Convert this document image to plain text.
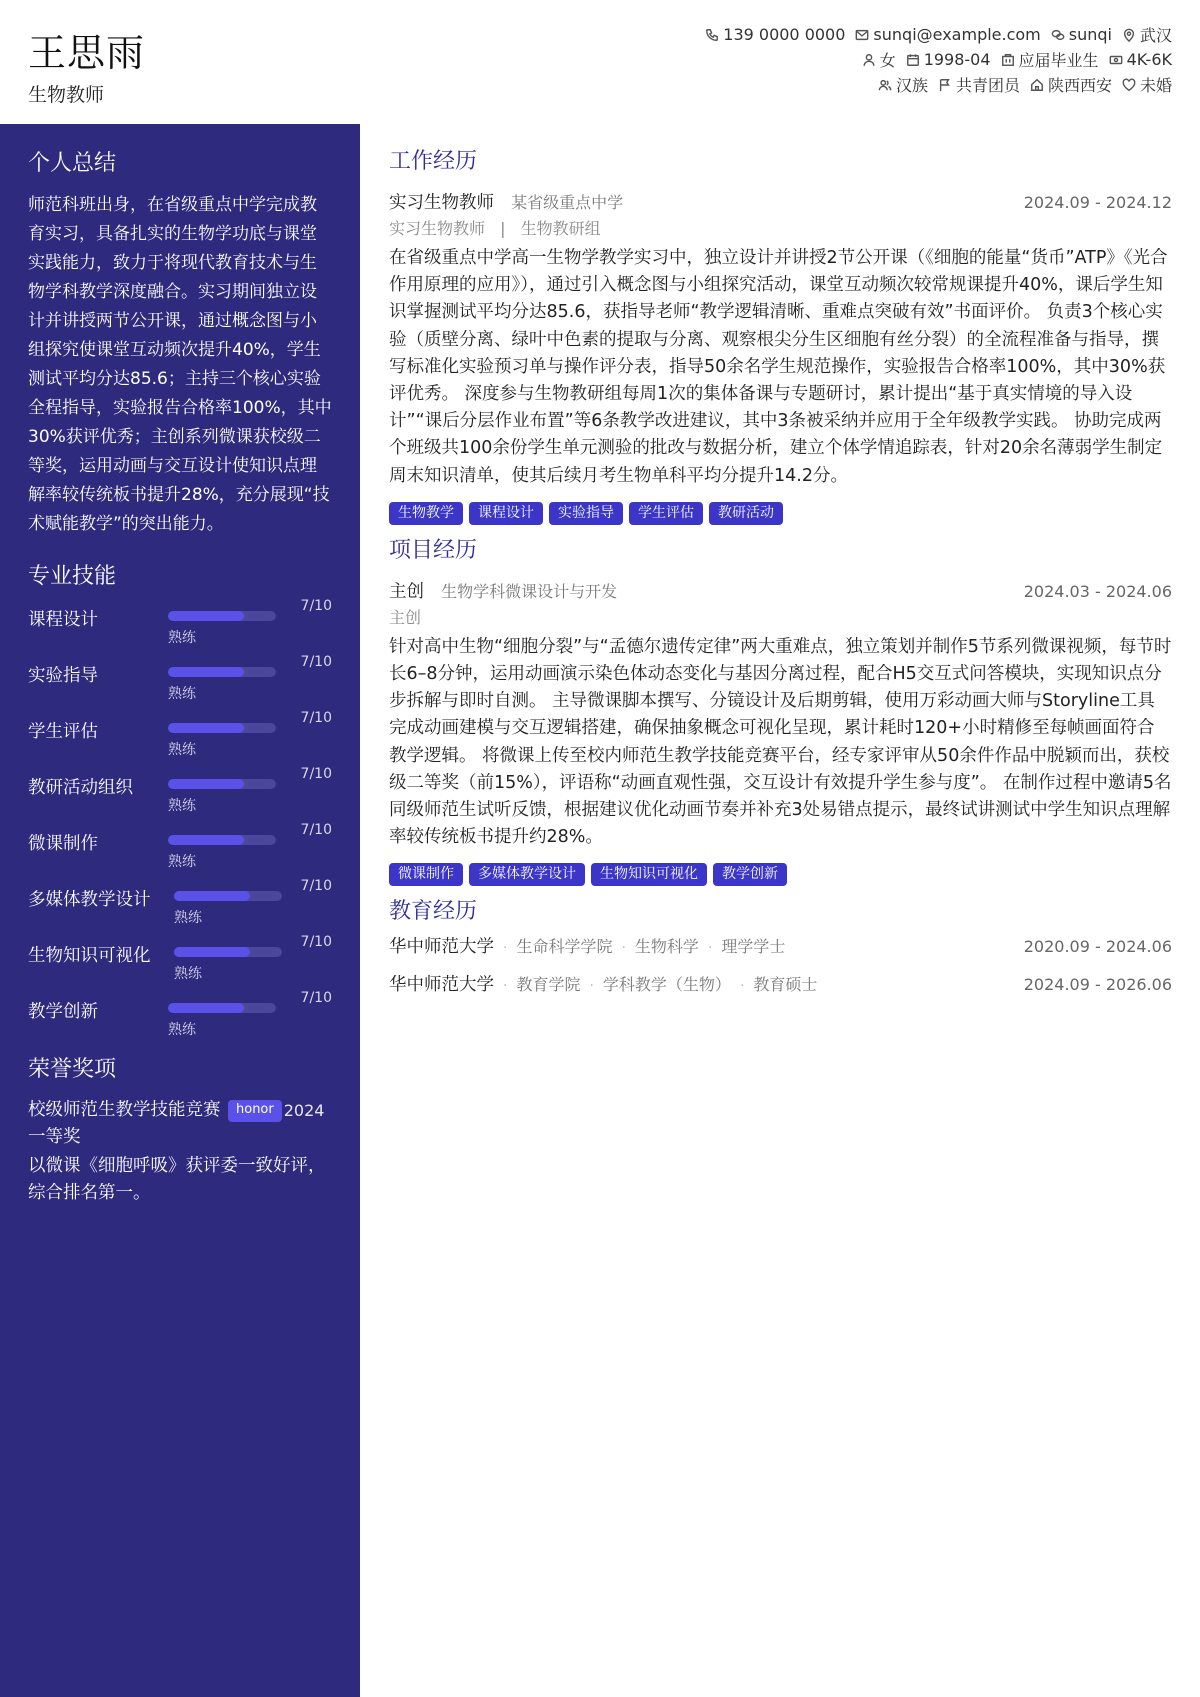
王思雨
生物教师
139 0000 0000 sunqi@example.com sunqi 武汉
女 1998-04 应届毕业生 4K-6K
汉族 共青团员 陕西西安 未婚
个人总结
师范科班出身，在省级重点中学完成教育实习，具备扎实的生物学功底与课堂实践能力，致力于将现代教育技术与生物学科教学深度融合。实习期间独立设计并讲授两节公开课，通过概念图与小组探究使课堂互动频次提升40%，学生测试平均分达85.6；主持三个核心实验全程指导，实验报告合格率100%，其中30%获评优秀；主创系列微课获校级二等奖，运用动画与交互设计使知识点理解率较传统板书提升28%，充分展现“技术赋能教学”的突出能力。
专业技能
课程设计
熟练
7/10
实验指导
熟练
7/10
学生评估
熟练
7/10
教研活动组织
熟练
7/10
微课制作
熟练
7/10
多媒体教学设计
熟练
7/10
生物知识可视化
熟练
7/10
教学创新
熟练
7/10
荣誉奖项
校级师范生教学技能竞赛一等奖
honor 2024
以微课《细胞呼吸》获评委一致好评，综合排名第一。
工作经历
实习生物教师 某省级重点中学	2024.09 - 2024.12
实习生物教师 | 生物教研组
在省级重点中学高一生物学教学实习中，独立设计并讲授2节公开课（《细胞的能量“货币”ATP》《光合作用原理的应用》），通过引入概念图与小组探究活动，课堂互动频次较常规课提升40%，课后学生知识掌握测试平均分达85.6，获指导老师“教学逻辑清晰、重难点突破有效”书面评价。 负责3个核心实验（质壁分离、绿叶中色素的提取与分离、观察根尖分生区细胞有丝分裂）的全流程准备与指导，撰写标准化实验预习单与操作评分表，指导50余名学生规范操作，实验报告合格率100%，其中30%获评优秀。 深度参与生物教研组每周1次的集体备课与专题研讨，累计提出“基于真实情境的导入设计”“课后分层作业布置”等6条教学改进建议，其中3条被采纳并应用于全年级教学实践。 协助完成两个班级共100余份学生单元测验的批改与数据分析，建立个体学情追踪表，针对20余名薄弱学生制定周末知识清单，使其后续月考生物单科平均分提升14.2分。
生物教学	课程设计	实验指导	学生评估	教研活动
项目经历
主创 生物学科微课设计与开发	2024.03 - 2024.06
主创
针对高中生物“细胞分裂”与“孟德尔遗传定律”两大重难点，独立策划并制作5节系列微课视频，每节时长6–8分钟，运用动画演示染色体动态变化与基因分离过程，配合H5交互式问答模块，实现知识点分步拆解与即时自测。 主导微课脚本撰写、分镜设计及后期剪辑，使用万彩动画大师与Storyline工具完成动画建模与交互逻辑搭建，确保抽象概念可视化呈现，累计耗时120+小时精修至每帧画面符合教学逻辑。 将微课上传至校内师范生教学技能竞赛平台，经专家评审从50余件作品中脱颖而出，获校级二等奖（前15%），评语称“动画直观性强，交互设计有效提升学生参与度”。 在制作过程中邀请5名同级师范生试听反馈，根据建议优化动画节奏并补充3处易错点提示，最终试讲测试中学生知识点理解率较传统板书提升约28%。
微课制作	多媒体教学设计	生物知识可视化	教学创新
教育经历
华中师范大学 · 生命科学学院 · 生物科学 · 理学学士	2020.09 - 2024.06
华中师范大学 · 教育学院 · 学科教学（生物） · 教育硕士	2024.09 - 2026.06
